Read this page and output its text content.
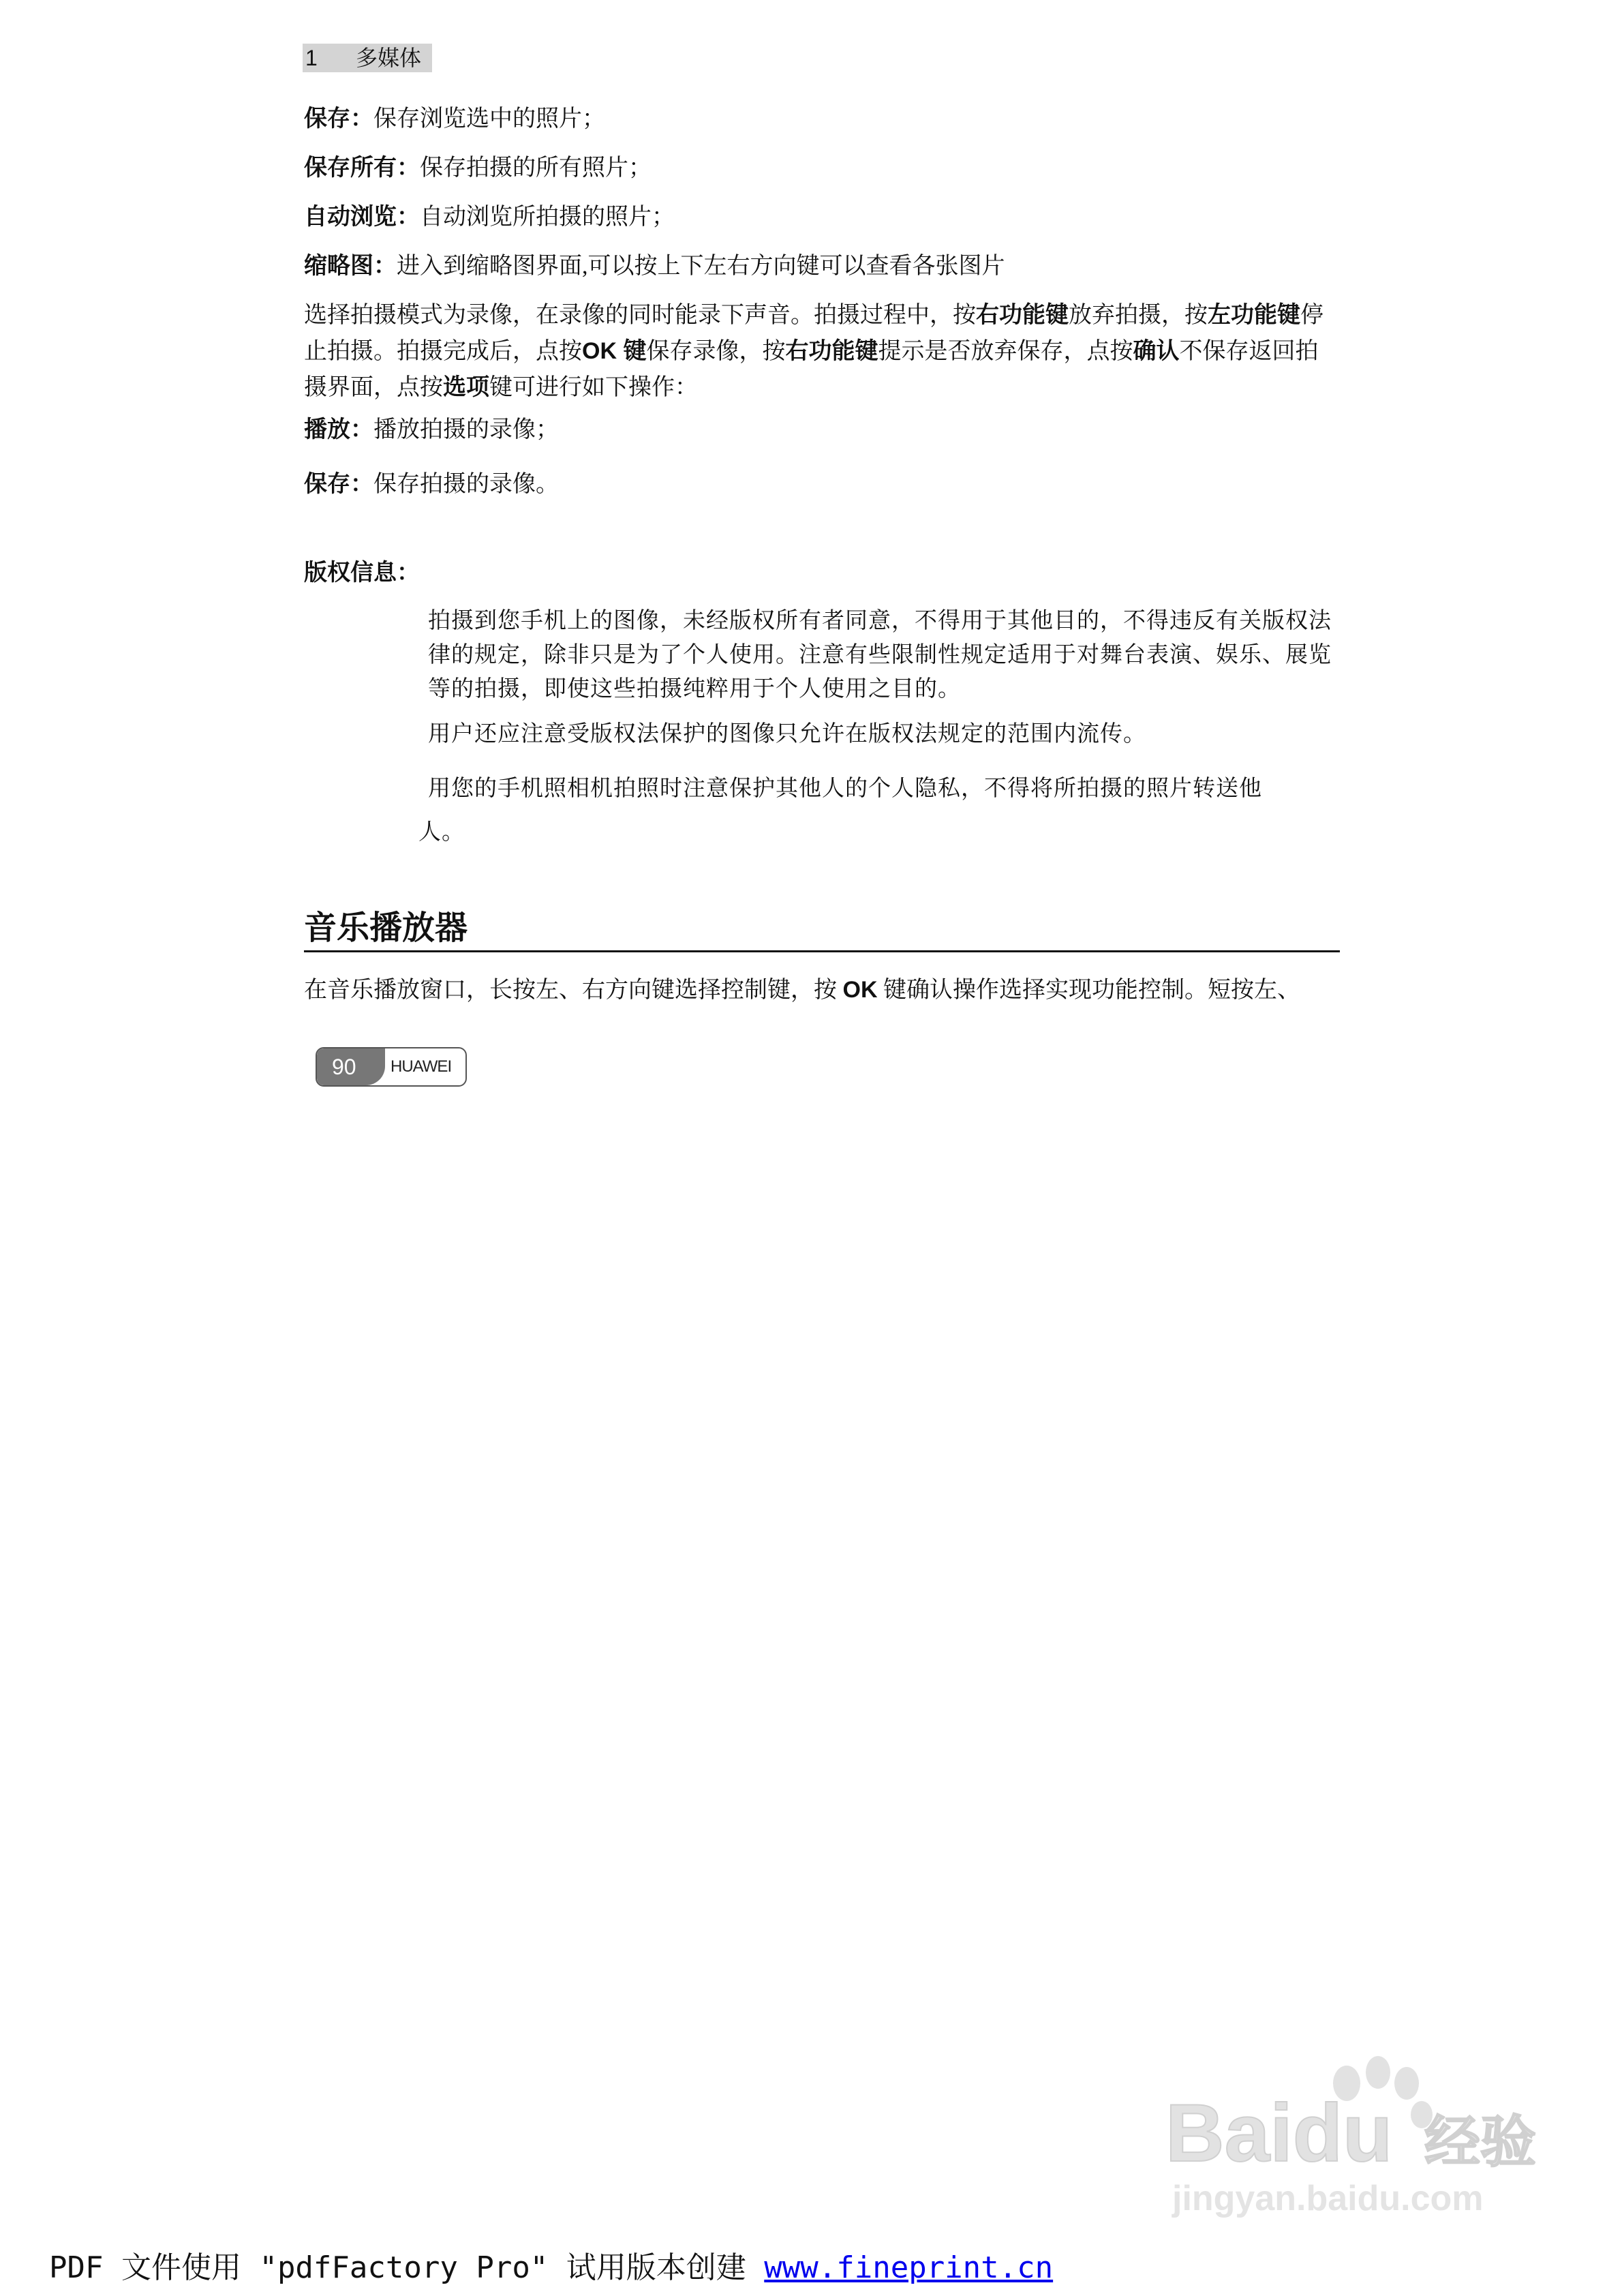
1 多媒体

保存：保存浏览选中的照片；

保存所有：保存拍摄的所有照片；

自动浏览：自动浏览所拍摄的照片；

缩略图：进入到缩略图界面,可以按上下左右方向键可以查看各张图片

选择拍摄模式为录像，在录像的同时能录下声音。拍摄过程中，按右功能键放弃拍摄，按左功能键停止拍摄。拍摄完成后，点按OK 键保存录像，按右功能键提示是否放弃保存，点按确认不保存返回拍摄界面，点按选项键可进行如下操作：

播放：播放拍摄的录像；

保存：保存拍摄的录像。

版权信息：

拍摄到您手机上的图像，未经版权所有者同意，不得用于其他目的，不得违反有关版权法律的规定，除非只是为了个人使用。注意有些限制性规定适用于对舞台表演、娱乐、展览等的拍摄，即使这些拍摄纯粹用于个人使用之目的。

用户还应注意受版权法保护的图像只允许在版权法规定的范围内流传。

用您的手机照相机拍照时注意保护其他人的个人隐私，不得将所拍摄的照片转送他

人。

音乐播放器

在音乐播放窗口，长按左、右方向键选择控制键，按 OK 键确认操作选择实现功能控制。短按左、

90	HUAWEI
Baidu 经验
jingyan.baidu.com
PDF 文件使用 "pdfFactory Pro" 试用版本创建 www.fineprint.cn
